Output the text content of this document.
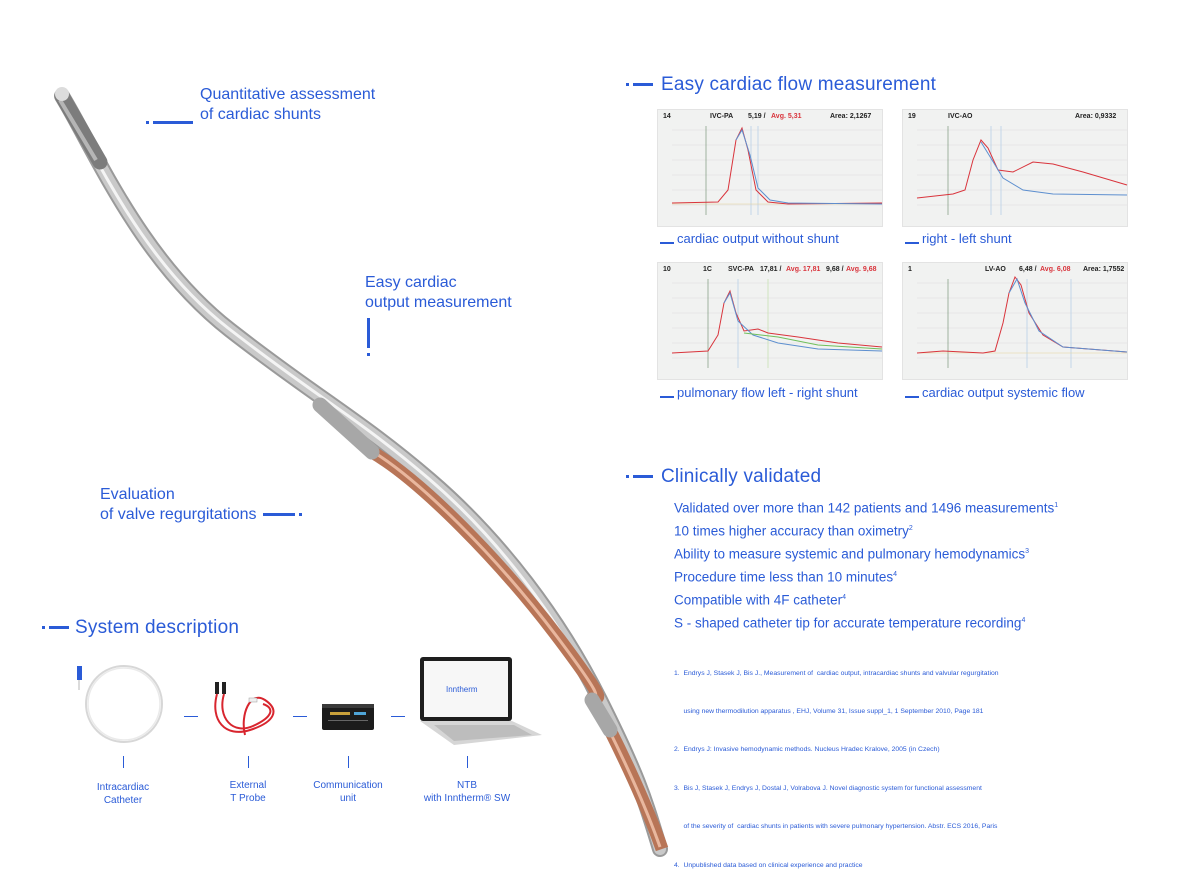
Quantitative assessment
of cardiac shunts
Easy cardiac
output measurement
Evaluation
of valve regurgitations
System description
Inntherm
Intracardiac
Catheter
External
T Probe
Communication
unit
NTB
with Inntherm® SW
Easy cardiac flow measurement
14	IVC-PA 5,19 / Avg. 5,31	Area: 2,1267
cardiac output without shunt
19	IVC-AO	Area: 0,9332
right - left shunt
10	1C SVC-PA 17,81 / Avg. 17,81 9,68 / Avg. 9,68
pulmonary flow left - right shunt
1	LV-AO 6,48 / Avg. 6,08 Area: 1,7552
cardiac output systemic flow
Clinically validated
Validated over more than 142 patients and 1496 measurements$^1$
10 times higher accuracy than oximetry$^2$
Ability to measure systemic and pulmonary hemodynamics$^3$
Procedure time less than 10 minutes$^4$
Compatible with 4F catheter$^4$
S - shaped catheter tip for accurate temperature recording$^4$

1.  Endrys J, Stasek J, Bis J., Measurement of  cardiac output, intracardiac shunts and valvular regurgitation

using new thermodilution apparatus , EHJ, Volume 31, Issue suppl_1, 1 September 2010, Page 181

2.  Endrys J: Invasive hemodynamic methods. Nucleus Hradec Kralove, 2005 (in Czech)

3.  Bis J, Stasek J, Endrys J, Dostal J, Volrabova J. Novel diagnostic system for functional assessment

of the severity of  cardiac shunts in patients with severe pulmonary hypertension. Abstr. ECS 2016, Paris

4.  Unpublished data based on clinical experience and practice
